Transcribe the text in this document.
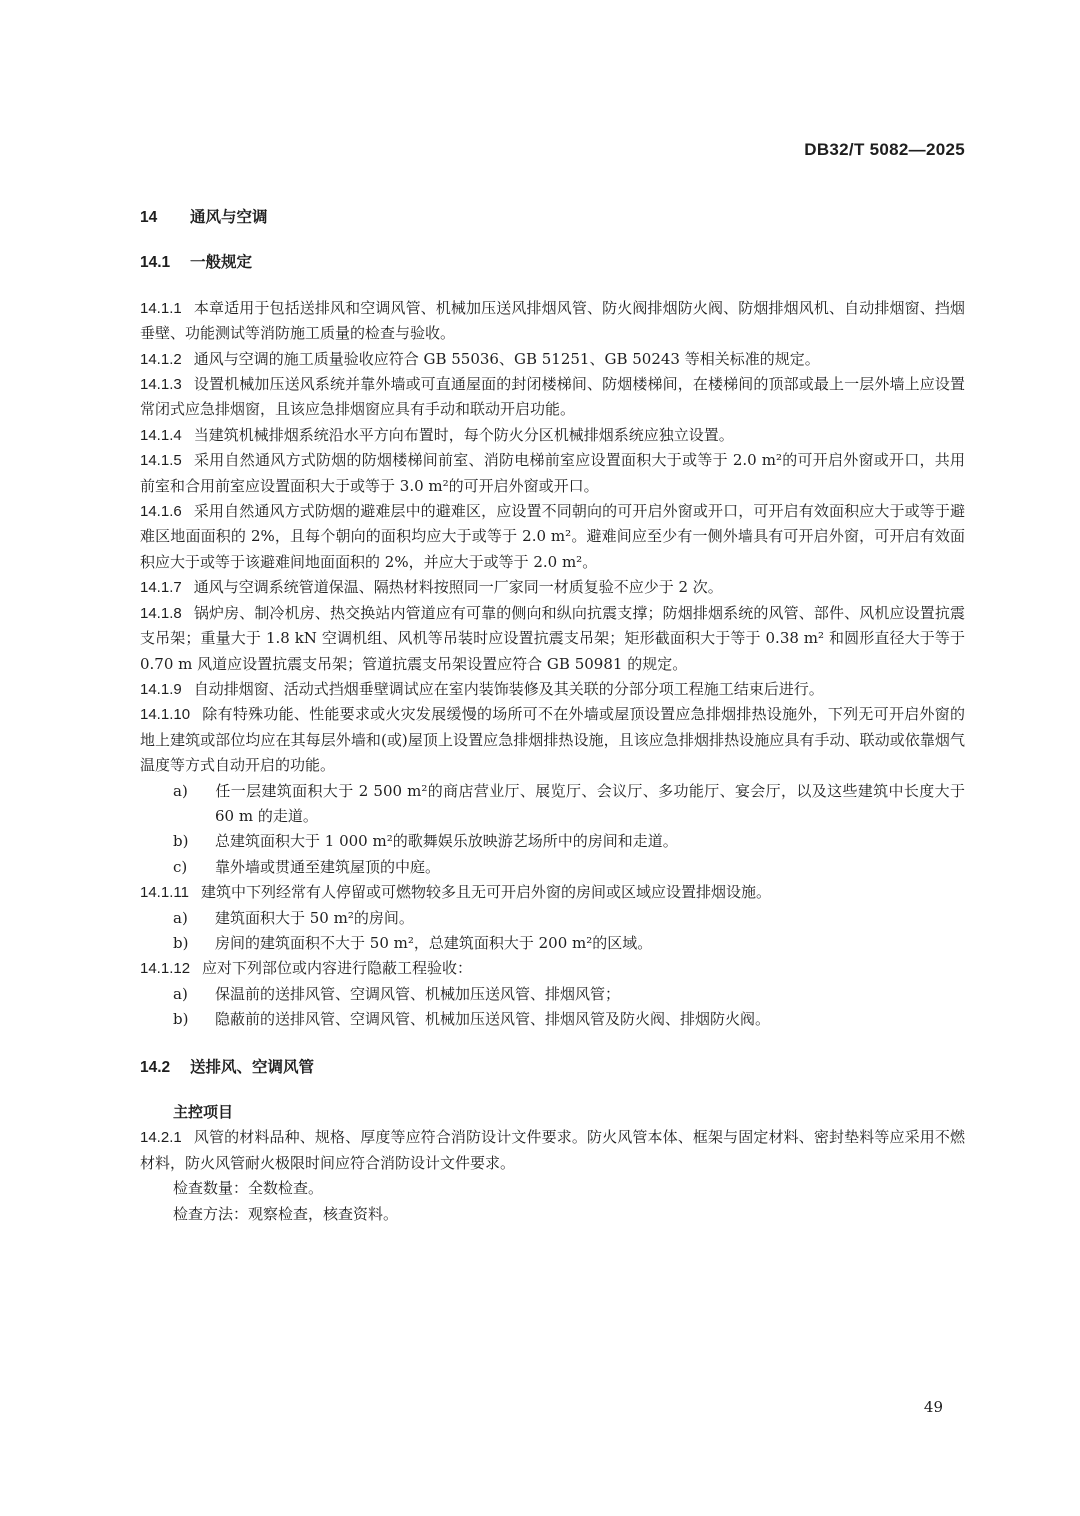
DB32/T 5082—2025
14 通风与空调
14.1 一般规定

14.1.1 本章适用于包括送排风和空调风管、机械加压送风排烟风管、防火阀排烟防火阀、防烟排烟风机、自动排烟窗、挡烟垂壁、功能测试等消防施工质量的检查与验收。

14.1.2 通风与空调的施工质量验收应符合 GB 55036、GB 51251、GB 50243 等相关标准的规定。

14.1.3 设置机械加压送风系统并靠外墙或可直通屋面的封闭楼梯间、防烟楼梯间，在楼梯间的顶部或最上一层外墙上应设置常闭式应急排烟窗，且该应急排烟窗应具有手动和联动开启功能。

14.1.4 当建筑机械排烟系统沿水平方向布置时，每个防火分区机械排烟系统应独立设置。

14.1.5 采用自然通风方式防烟的防烟楼梯间前室、消防电梯前室应设置面积大于或等于 2.0 m²的可开启外窗或开口，共用前室和合用前室应设置面积大于或等于 3.0 m²的可开启外窗或开口。

14.1.6 采用自然通风方式防烟的避难层中的避难区，应设置不同朝向的可开启外窗或开口，可开启有效面积应大于或等于避难区地面面积的 2%，且每个朝向的面积均应大于或等于 2.0 m²。避难间应至少有一侧外墙具有可开启外窗，可开启有效面积应大于或等于该避难间地面面积的 2%，并应大于或等于 2.0 m²。

14.1.7 通风与空调系统管道保温、隔热材料按照同一厂家同一材质复验不应少于 2 次。

14.1.8 锅炉房、制冷机房、热交换站内管道应有可靠的侧向和纵向抗震支撑；防烟排烟系统的风管、部件、风机应设置抗震支吊架；重量大于 1.8 kN 空调机组、风机等吊装时应设置抗震支吊架；矩形截面积大于等于 0.38 m² 和圆形直径大于等于 0.70 m 风道应设置抗震支吊架；管道抗震支吊架设置应符合 GB 50981 的规定。

14.1.9 自动排烟窗、活动式挡烟垂壁调试应在室内装饰装修及其关联的分部分项工程施工结束后进行。

14.1.10 除有特殊功能、性能要求或火灾发展缓慢的场所可不在外墙或屋顶设置应急排烟排热设施外，下列无可开启外窗的地上建筑或部位均应在其每层外墙和(或)屋顶上设置应急排烟排热设施，且该应急排烟排热设施应具有手动、联动或依靠烟气温度等方式自动开启的功能。

a) 任一层建筑面积大于 2 500 m²的商店营业厅、展览厅、会议厅、多功能厅、宴会厅，以及这些建筑中长度大于 60 m 的走道。

b) 总建筑面积大于 1 000 m²的歌舞娱乐放映游艺场所中的房间和走道。

c) 靠外墙或贯通至建筑屋顶的中庭。

14.1.11 建筑中下列经常有人停留或可燃物较多且无可开启外窗的房间或区域应设置排烟设施。

a) 建筑面积大于 50 m²的房间。

b) 房间的建筑面积不大于 50 m²，总建筑面积大于 200 m²的区域。

14.1.12 应对下列部位或内容进行隐蔽工程验收：

a) 保温前的送排风管、空调风管、机械加压送风管、排烟风管；

b) 隐蔽前的送排风管、空调风管、机械加压送风管、排烟风管及防火阀、排烟防火阀。

14.2 送排风、空调风管

主控项目

14.2.1 风管的材料品种、规格、厚度等应符合消防设计文件要求。防火风管本体、框架与固定材料、密封垫料等应采用不燃材料，防火风管耐火极限时间应符合消防设计文件要求。

检查数量：全数检查。

检查方法：观察检查，核查资料。

49
